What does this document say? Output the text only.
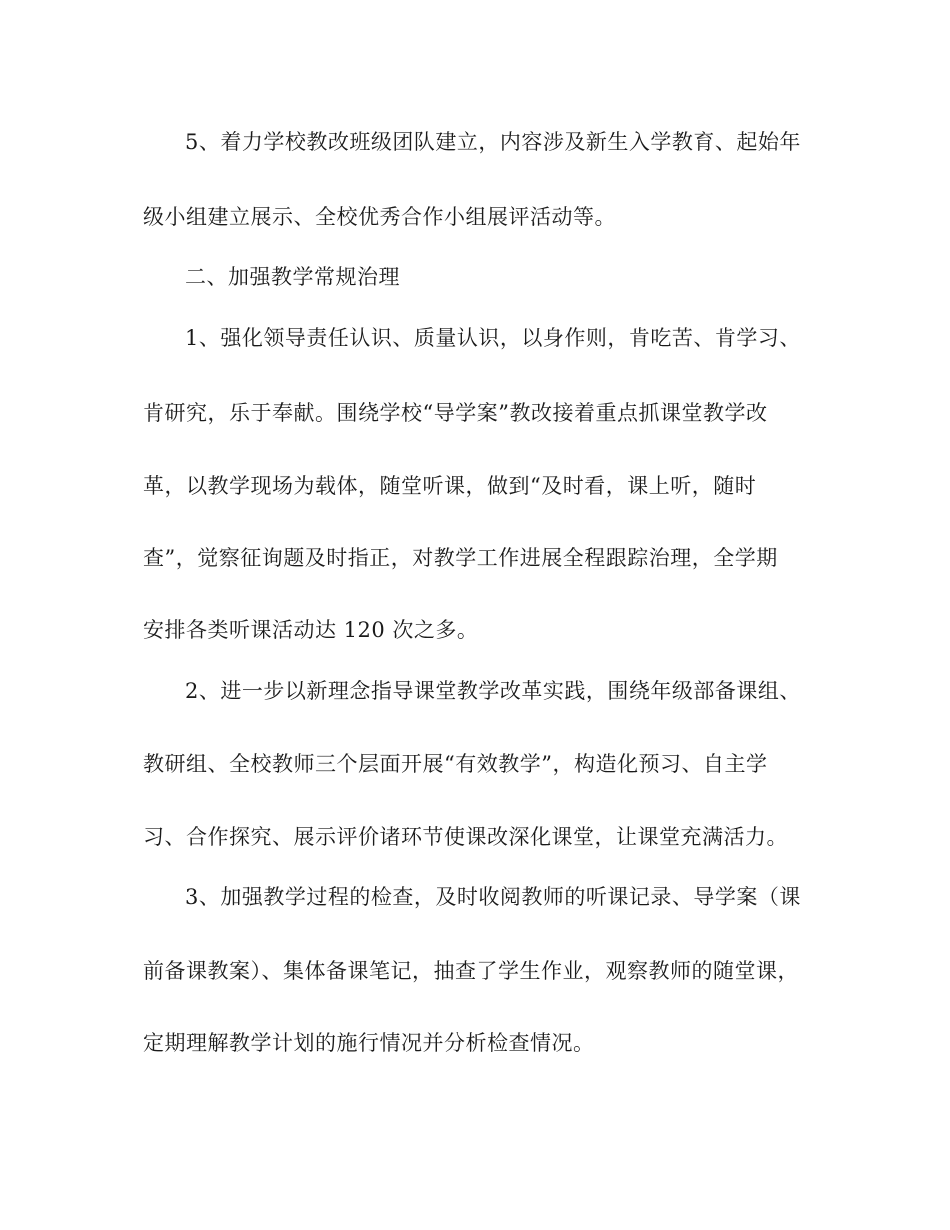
5、着力学校教改班级团队建立，内容涉及新生入学教育、起始年
级小组建立展示、全校优秀合作小组展评活动等。
二、加强教学常规治理
1、强化领导责任认识、质量认识，以身作则，肯吃苦、肯学习、
肯研究，乐于奉献。围绕学校“导学案”教改接着重点抓课堂教学改
革，以教学现场为载体，随堂听课，做到“及时看，课上听，随时
查”，觉察征询题及时指正，对教学工作进展全程跟踪治理，全学期
安排各类听课活动达 120 次之多。
2、进一步以新理念指导课堂教学改革实践，围绕年级部备课组、
教研组、全校教师三个层面开展“有效教学”，构造化预习、自主学
习、合作探究、展示评价诸环节使课改深化课堂，让课堂充满活力。
3、加强教学过程的检查，及时收阅教师的听课记录、导学案（课
前备课教案）、集体备课笔记，抽查了学生作业，观察教师的随堂课，
定期理解教学计划的施行情况并分析检查情况。
